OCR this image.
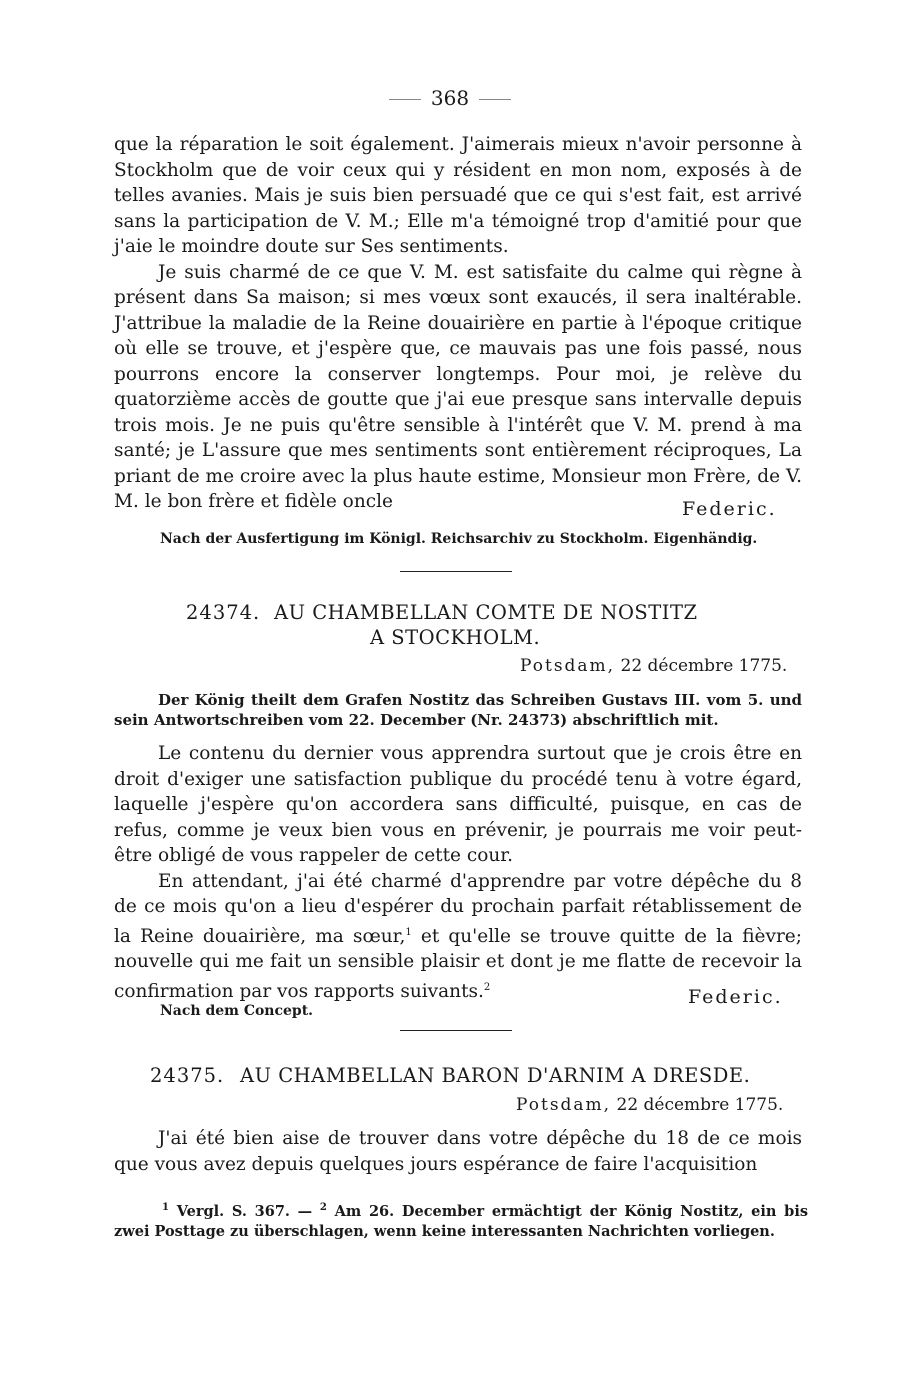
368

que la réparation le soit également. J'aimerais mieux n'avoir personne à Stockholm que de voir ceux qui y résident en mon nom, exposés à de telles avanies. Mais je suis bien persuadé que ce qui s'est fait, est arrivé sans la participation de V. M.; Elle m'a témoigné trop d'amitié pour que j'aie le moindre doute sur Ses sentiments.

Je suis charmé de ce que V. M. est satisfaite du calme qui règne à présent dans Sa maison; si mes vœux sont exaucés, il sera inaltérable. J'attribue la maladie de la Reine douairière en partie à l'époque critique où elle se trouve, et j'espère que, ce mauvais pas une fois passé, nous pourrons encore la conserver longtemps. Pour moi, je relève du quatorzième accès de goutte que j'ai eue presque sans intervalle depuis trois mois. Je ne puis qu'être sensible à l'intérêt que V. M. prend à ma santé; je L'assure que mes sentiments sont entièrement réciproques, La priant de me croire avec la plus haute estime, Monsieur mon Frère, de V. M. le bon frère et fidèle oncle	Federic.
Nach der Ausfertigung im Königl. Reichsarchiv zu Stockholm. Eigenhändig.
24374. AU CHAMBELLAN COMTE DE NOSTITZ
A STOCKHOLM.
Potsdam, 22 décembre 1775.

Der König theilt dem Grafen Nostitz das Schreiben Gustavs III. vom 5. und sein Antwortschreiben vom 22. December (Nr. 24373) abschriftlich mit.

Le contenu du dernier vous apprendra surtout que je crois être en droit d'exiger une satisfaction publique du procédé tenu à votre égard, laquelle j'espère qu'on accordera sans difficulté, puisque, en cas de refus, comme je veux bien vous en prévenir, je pourrais me voir peut-être obligé de vous rappeler de cette cour.

En attendant, j'ai été charmé d'apprendre par votre dépêche du 8 de ce mois qu'on a lieu d'espérer du prochain parfait rétablissement de la Reine douairière, ma sœur,$^1$ et qu'elle se trouve quitte de la fièvre; nouvelle qui me fait un sensible plaisir et dont je me flatte de recevoir la confirmation par vos rapports suivants.$^2$	Federic.
Nach dem Concept.
24375. AU CHAMBELLAN BARON D'ARNIM A DRESDE.
Potsdam, 22 décembre 1775.

J'ai été bien aise de trouver dans votre dépêche du 18 de ce mois que vous avez depuis quelques jours espérance de faire l'acquisition

$^1$ Vergl. S. 367. — $^2$ Am 26. December ermächtigt der König Nostitz, ein bis zwei Posttage zu überschlagen, wenn keine interessanten Nachrichten vorliegen.
